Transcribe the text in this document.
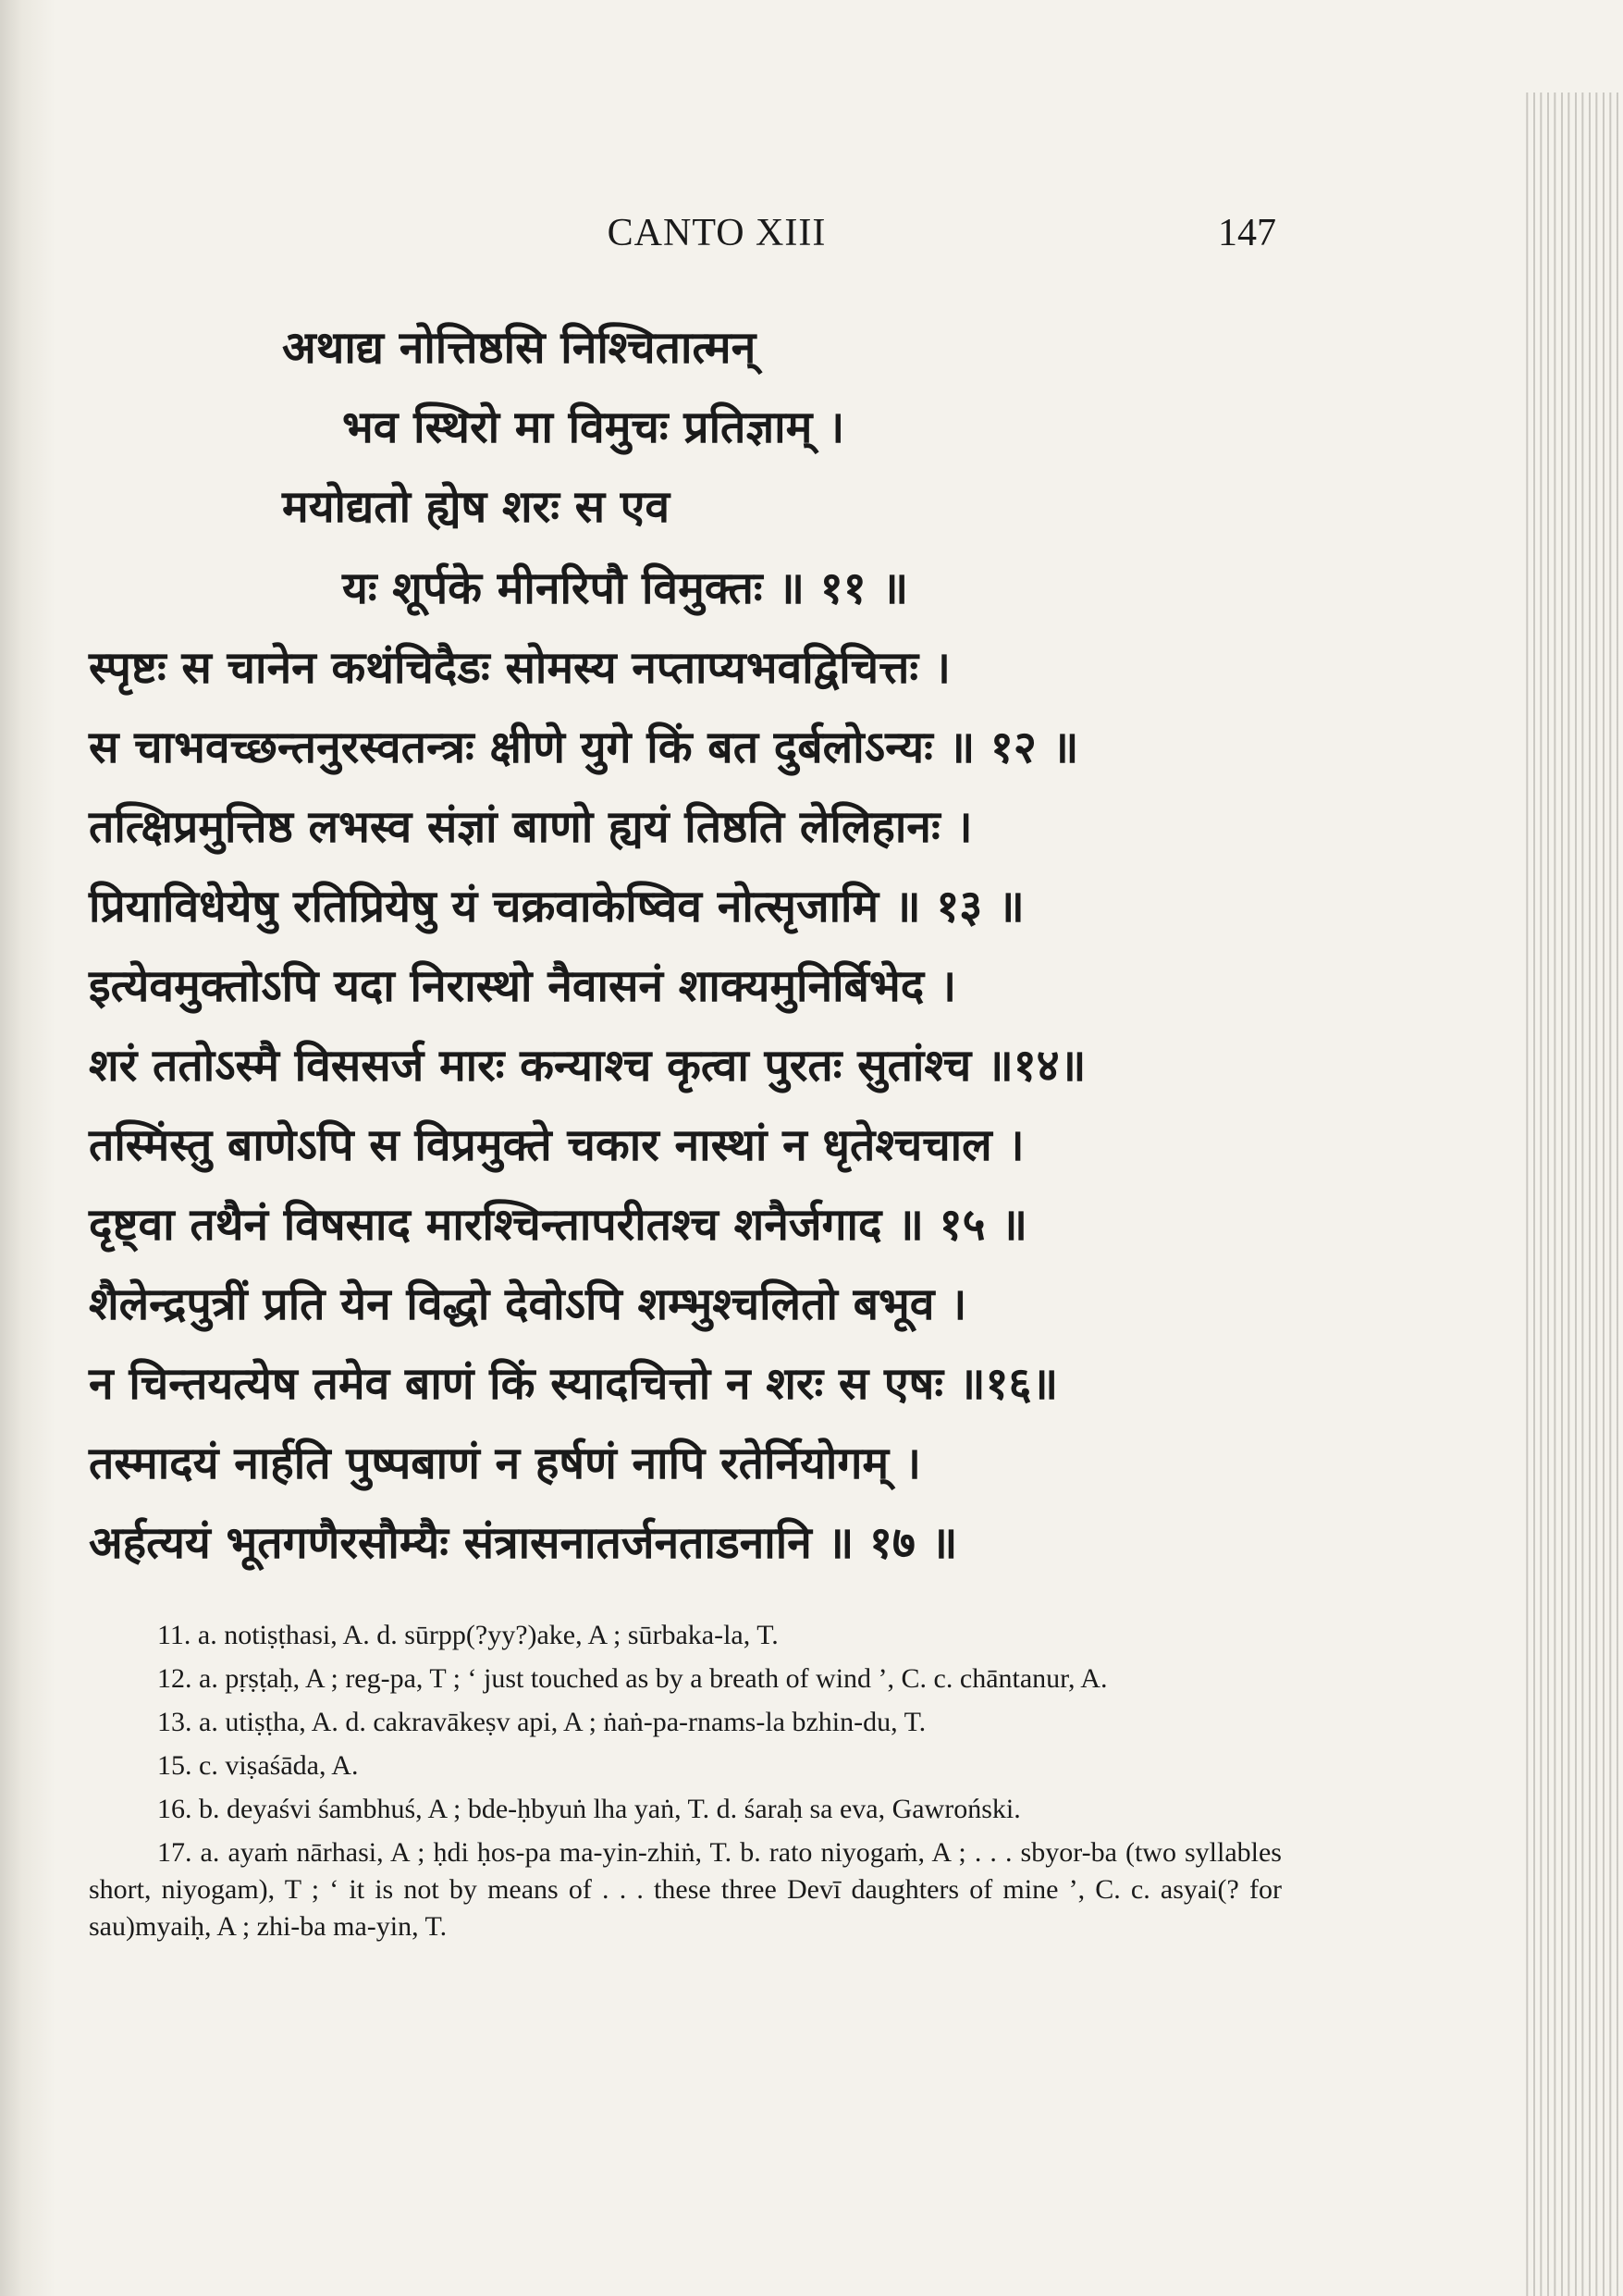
CANTO XIII	147

अथाद्य नोत्तिष्ठसि निश्चितात्मन्

भव स्थिरो मा विमुचः प्रतिज्ञाम् ।

मयोद्यतो ह्येष शरः स एव

यः शूर्पके मीनरिपौ विमुक्तः ॥ ११ ॥

स्पृष्टः स चानेन कथंचिदैडः सोमस्य नप्ताप्यभवद्विचित्तः ।

स चाभवच्छन्तनुरस्वतन्त्रः क्षीणे युगे किं बत दुर्बलोऽन्यः ॥ १२ ॥

तत्क्षिप्रमुत्तिष्ठ लभस्व संज्ञां बाणो ह्ययं तिष्ठति लेलिहानः ।

प्रियाविधेयेषु रतिप्रियेषु यं चक्रवाकेष्विव नोत्सृजामि ॥ १३ ॥

इत्येवमुक्तोऽपि यदा निरास्थो नैवासनं शाक्यमुनिर्बिभेद ।

शरं ततोऽस्मै विससर्ज मारः कन्याश्च कृत्वा पुरतः सुतांश्च ॥१४॥

तस्मिंस्तु बाणेऽपि स विप्रमुक्ते चकार नास्थां न धृतेश्चचाल ।

दृष्ट्वा तथैनं विषसाद मारश्चिन्तापरीतश्च शनैर्जगाद ॥ १५ ॥

शैलेन्द्रपुत्रीं प्रति येन विद्धो देवोऽपि शम्भुश्चलितो बभूव ।

न चिन्तयत्येष तमेव बाणं किं स्यादचित्तो न शरः स एषः ॥१६॥

तस्मादयं नार्हति पुष्पबाणं न हर्षणं नापि रतेर्नियोगम् ।

अर्हत्ययं भूतगणैरसौम्यैः संत्रासनातर्जनताडनानि ॥ १७ ॥

11. a. notiṣṭhasi, A. d. sūrpp(?yy?)ake, A ; sūrbaka-la, T.

12. a. pṛṣṭaḥ, A ; reg-pa, T ; ‘ just touched as by a breath of wind ’, C. c. chāntanur, A.

13. a. utiṣṭha, A. d. cakravākeṣv api, A ; ṅaṅ-pa-rnams-la bzhin-du, T.

15. c. viṣaśāda, A.

16. b. deyaśvi śambhuś, A ; bde-ḥbyuṅ lha yaṅ, T. d. śaraḥ sa eva, Gawroński.

17. a. ayaṁ nārhasi, A ; ḥdi ḥos-pa ma-yin-zhiṅ, T. b. rato niyogaṁ, A ; . . . sbyor-ba (two syllables short, niyogam), T ; ‘ it is not by means of . . . these three Devī daughters of mine ’, C. c. asyai(? for sau)myaiḥ, A ; zhi-ba ma-yin, T.
